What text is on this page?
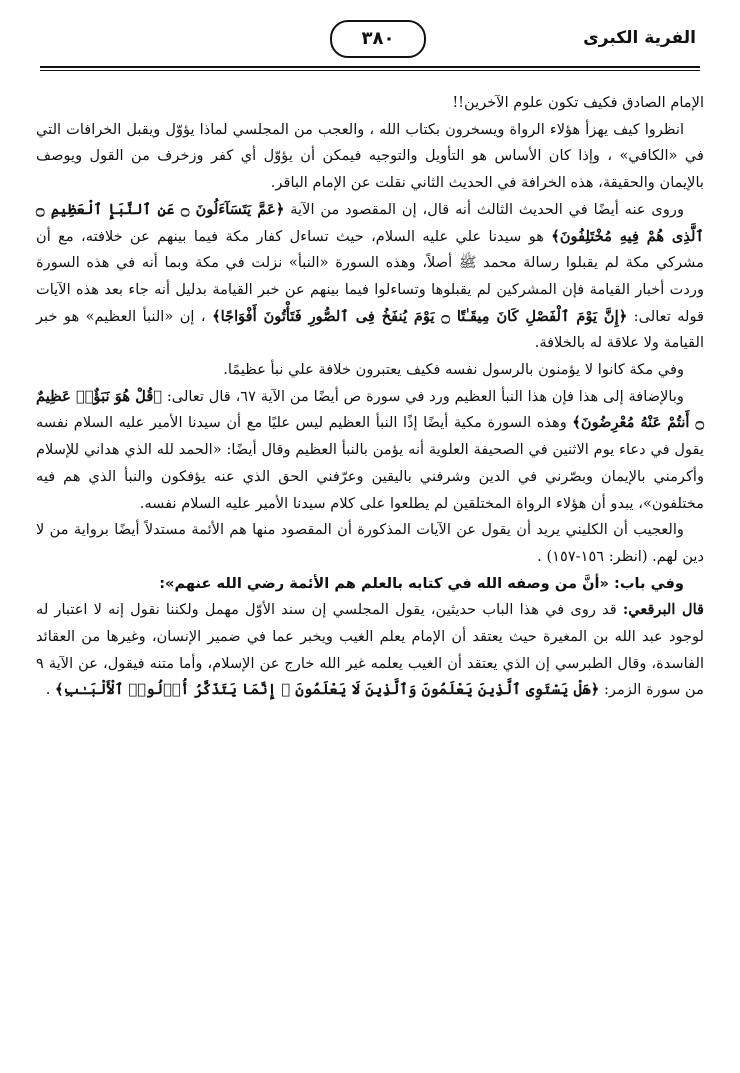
الفرية الكبرى
٣٨٠

الإمام الصادق فكيف تكون علوم الآخرين!!

انظروا كيف يهزأ هؤلاء الرواة ويسخرون بكتاب الله ، والعجب من المجلسي لماذا يؤوّل ويقبل الخرافات التي في «الكافي» ، وإذا كان الأساس هو التأويل والتوجيه فيمكن أن يؤوّل أي كفر وزخرف من القول ويوصف بالإيمان والحقيقة، هذه الخرافة في الحديث الثاني نقلت عن الإمام الباقر.

وروى عنه أيضًا في الحديث الثالث أنه قال، إن المقصود من الآية ﴿عَمَّ يَتَسَآءَلُونَ ۝ عَنِ ٱلنَّبَإِ ٱلْعَظِيمِ ۝ ٱلَّذِى هُمْ فِيهِ مُخْتَلِفُونَ﴾ هو سيدنا علي عليه السلام، حيث تساءل كفار مكة فيما بينهم عن خلافته، مع أن مشركي مكة لم يقبلوا رسالة محمد ﷺ أصلاً، وهذه السورة «النبأ» نزلت في مكة وبما أنه في هذه السورة وردت أخبار القيامة فإن المشركين لم يقبلوها وتساءلوا فيما بينهم عن خبر القيامة بدليل أنه جاء بعد هذه الآيات قوله تعالى: ﴿إِنَّ يَوْمَ ٱلْفَصْلِ كَانَ مِيقَـٰتًا ۝ يَوْمَ يُنفَخُ فِى ٱلصُّورِ فَتَأْتُونَ أَفْوَاجًا﴾ ، إن «النبأ العظيم» هو خبر القيامة ولا علاقة له بالخلافة.

وفي مكة كانوا لا يؤمنون بالرسول نفسه فكيف يعتبرون خلافة علي نبأ عظيمًا.

وبالإضافة إلى هذا فإن هذا النبأ العظيم ورد في سورة ص أيضًا من الآية ٦٧، قال تعالى: ﴿قُلْ هُوَ نَبَؤٌا۟ عَظِيمٌ ۝ أَنتُمْ عَنْهُ مُعْرِضُونَ﴾ وهذه السورة مكية أيضًا إذًا النبأ العظيم ليس عليًا مع أن سيدنا الأمير عليه السلام نفسه يقول في دعاء يوم الاثنين في الصحيفة العلوية أنه يؤمن بالنبأ العظيم وقال أيضًا: «الحمد لله الذي هداني للإسلام وأكرمني بالإيمان وبصّرني في الدين وشرفني باليقين وعرّفني الحق الذي عنه يؤفكون والنبأ الذي هم فيه مختلفون»، يبدو أن هؤلاء الرواة المختلقين لم يطلعوا على كلام سيدنا الأمير عليه السلام نفسه.

والعجيب أن الكليني يريد أن يقول عن الآيات المذكورة أن المقصود منها هم الأئمة مستدلاً أيضًا برواية من لا دين لهم. (انظر: ١٥٦-١٥٧) .

وفي باب: «أنَّ من وصفه الله في كتابه بالعلم هم الأئمة رضي الله عنهم»:

قال البرقعي: قد روى في هذا الباب حديثين، يقول المجلسي إن سند الأوّل مهمل ولكننا نقول إنه لا اعتبار له لوجود عبد الله بن المغيرة حيث يعتقد أن الإمام يعلم الغيب ويخبر عما في ضمير الإنسان، وغيرها من العقائد الفاسدة، وقال الطبرسي إن الذي يعتقد أن الغيب يعلمه غير الله خارج عن الإسلام، وأما متنه فيقول، عن الآية ٩ من سورة الزمر: ﴿هَلْ يَسْتَوِى ٱلَّذِينَ يَعْلَمُونَ وَٱلَّذِينَ لَا يَعْلَمُونَ ۗ إِنَّمَا يَتَذَكَّرُ أُو۟لُوا۟ ٱلْأَلْبَـٰبِ﴾ .
